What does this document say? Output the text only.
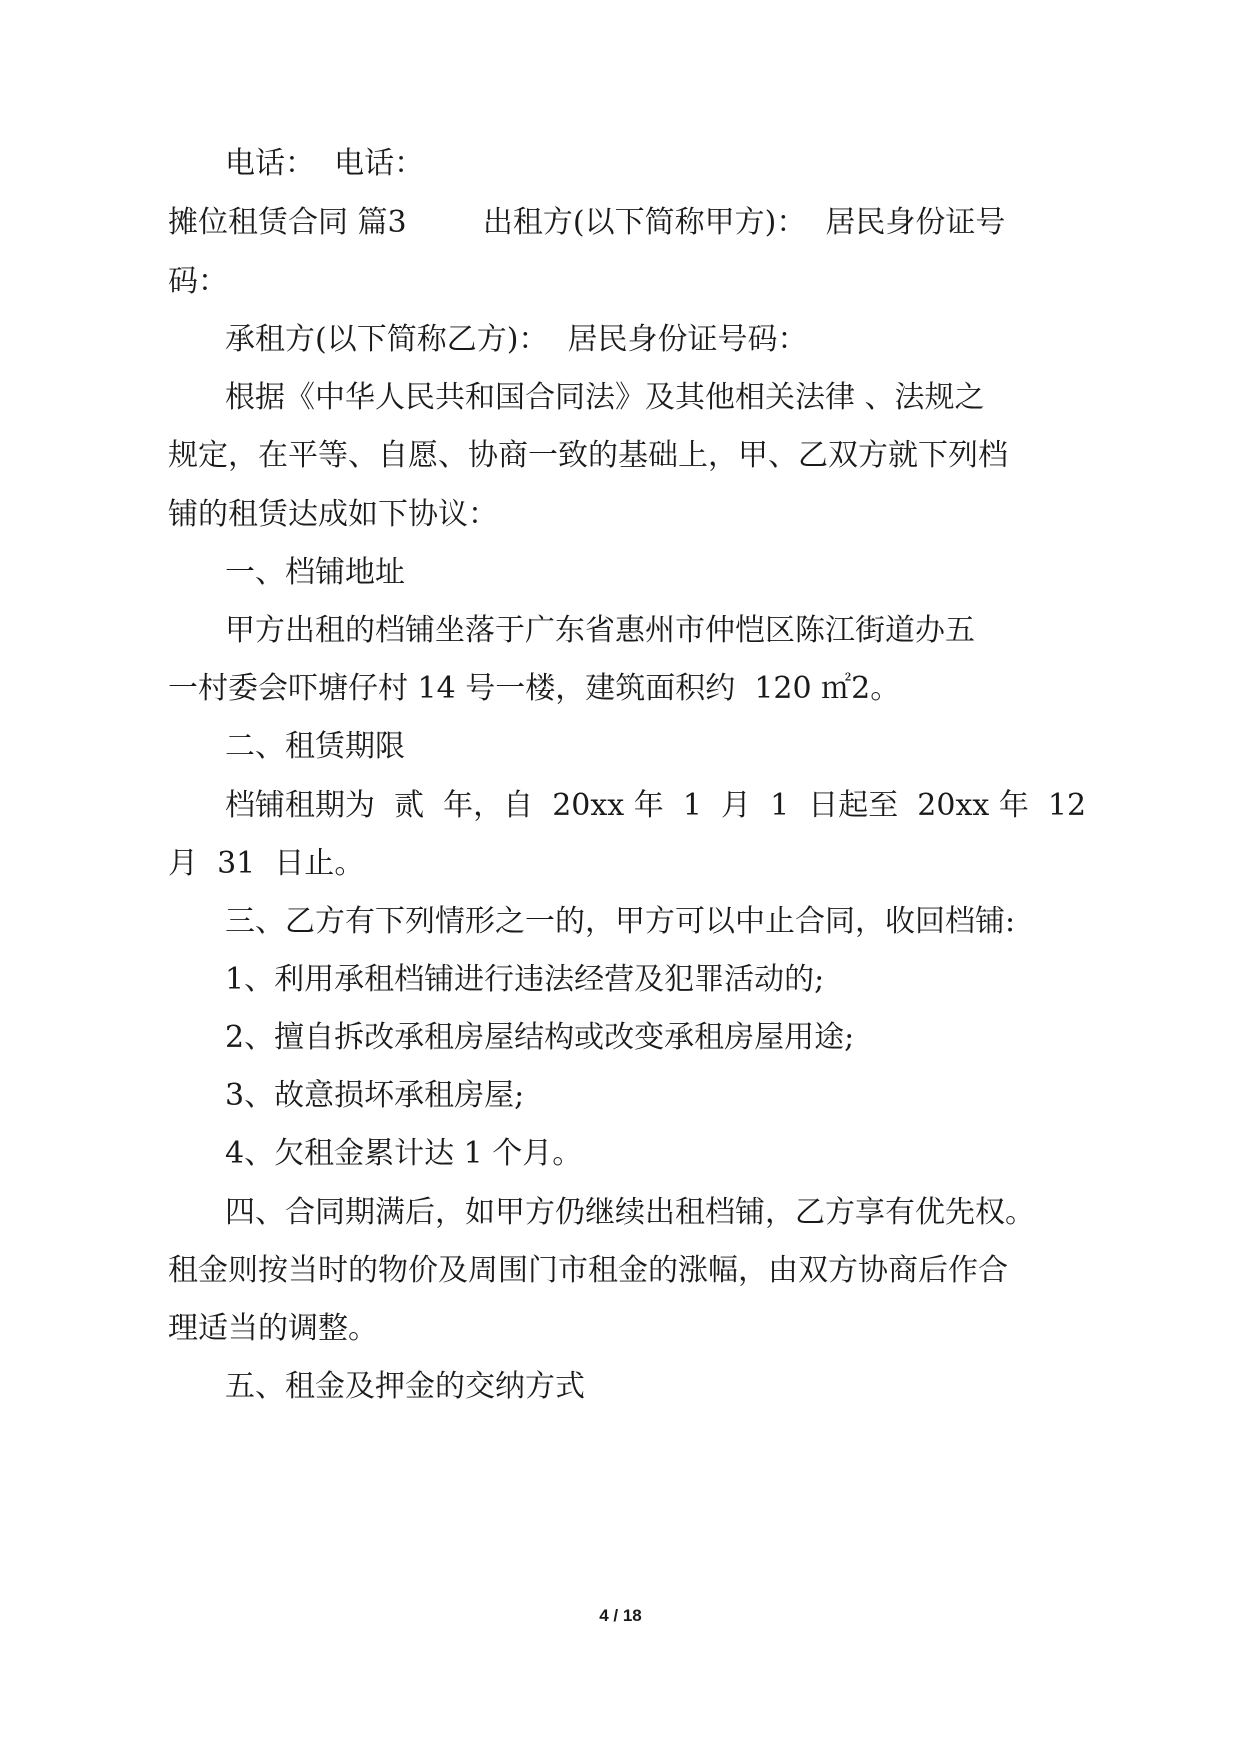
电话：  电话：
摊位租赁合同 篇3        出租方(以下简称甲方)：  居民身份证号
码：
承租方(以下简称乙方)：  居民身份证号码：
根据《中华人民共和国合同法》及其他相关法律 、法规之
规定，在平等、自愿、协商一致的基础上，甲、乙双方就下列档
铺的租赁达成如下协议：
一、档铺地址
甲方出租的档铺坐落于广东省惠州市仲恺区陈江街道办五
一村委会吓塘仔村 14 号一楼，建筑面积约  120 ㎡2。
二、租赁期限
档铺租期为  贰  年，自  20xx 年  1  月  1  日起至  20xx 年  12
月  31  日止。
三、乙方有下列情形之一的，甲方可以中止合同，收回档铺:
1、利用承租档铺进行违法经营及犯罪活动的;
2、擅自拆改承租房屋结构或改变承租房屋用途;
3、故意损坏承租房屋;
4、欠租金累计达 1 个月。
四、合同期满后，如甲方仍继续出租档铺，乙方享有优先权。
租金则按当时的物价及周围门市租金的涨幅，由双方协商后作合
理适当的调整。
五、租金及押金的交纳方式
4 / 18
